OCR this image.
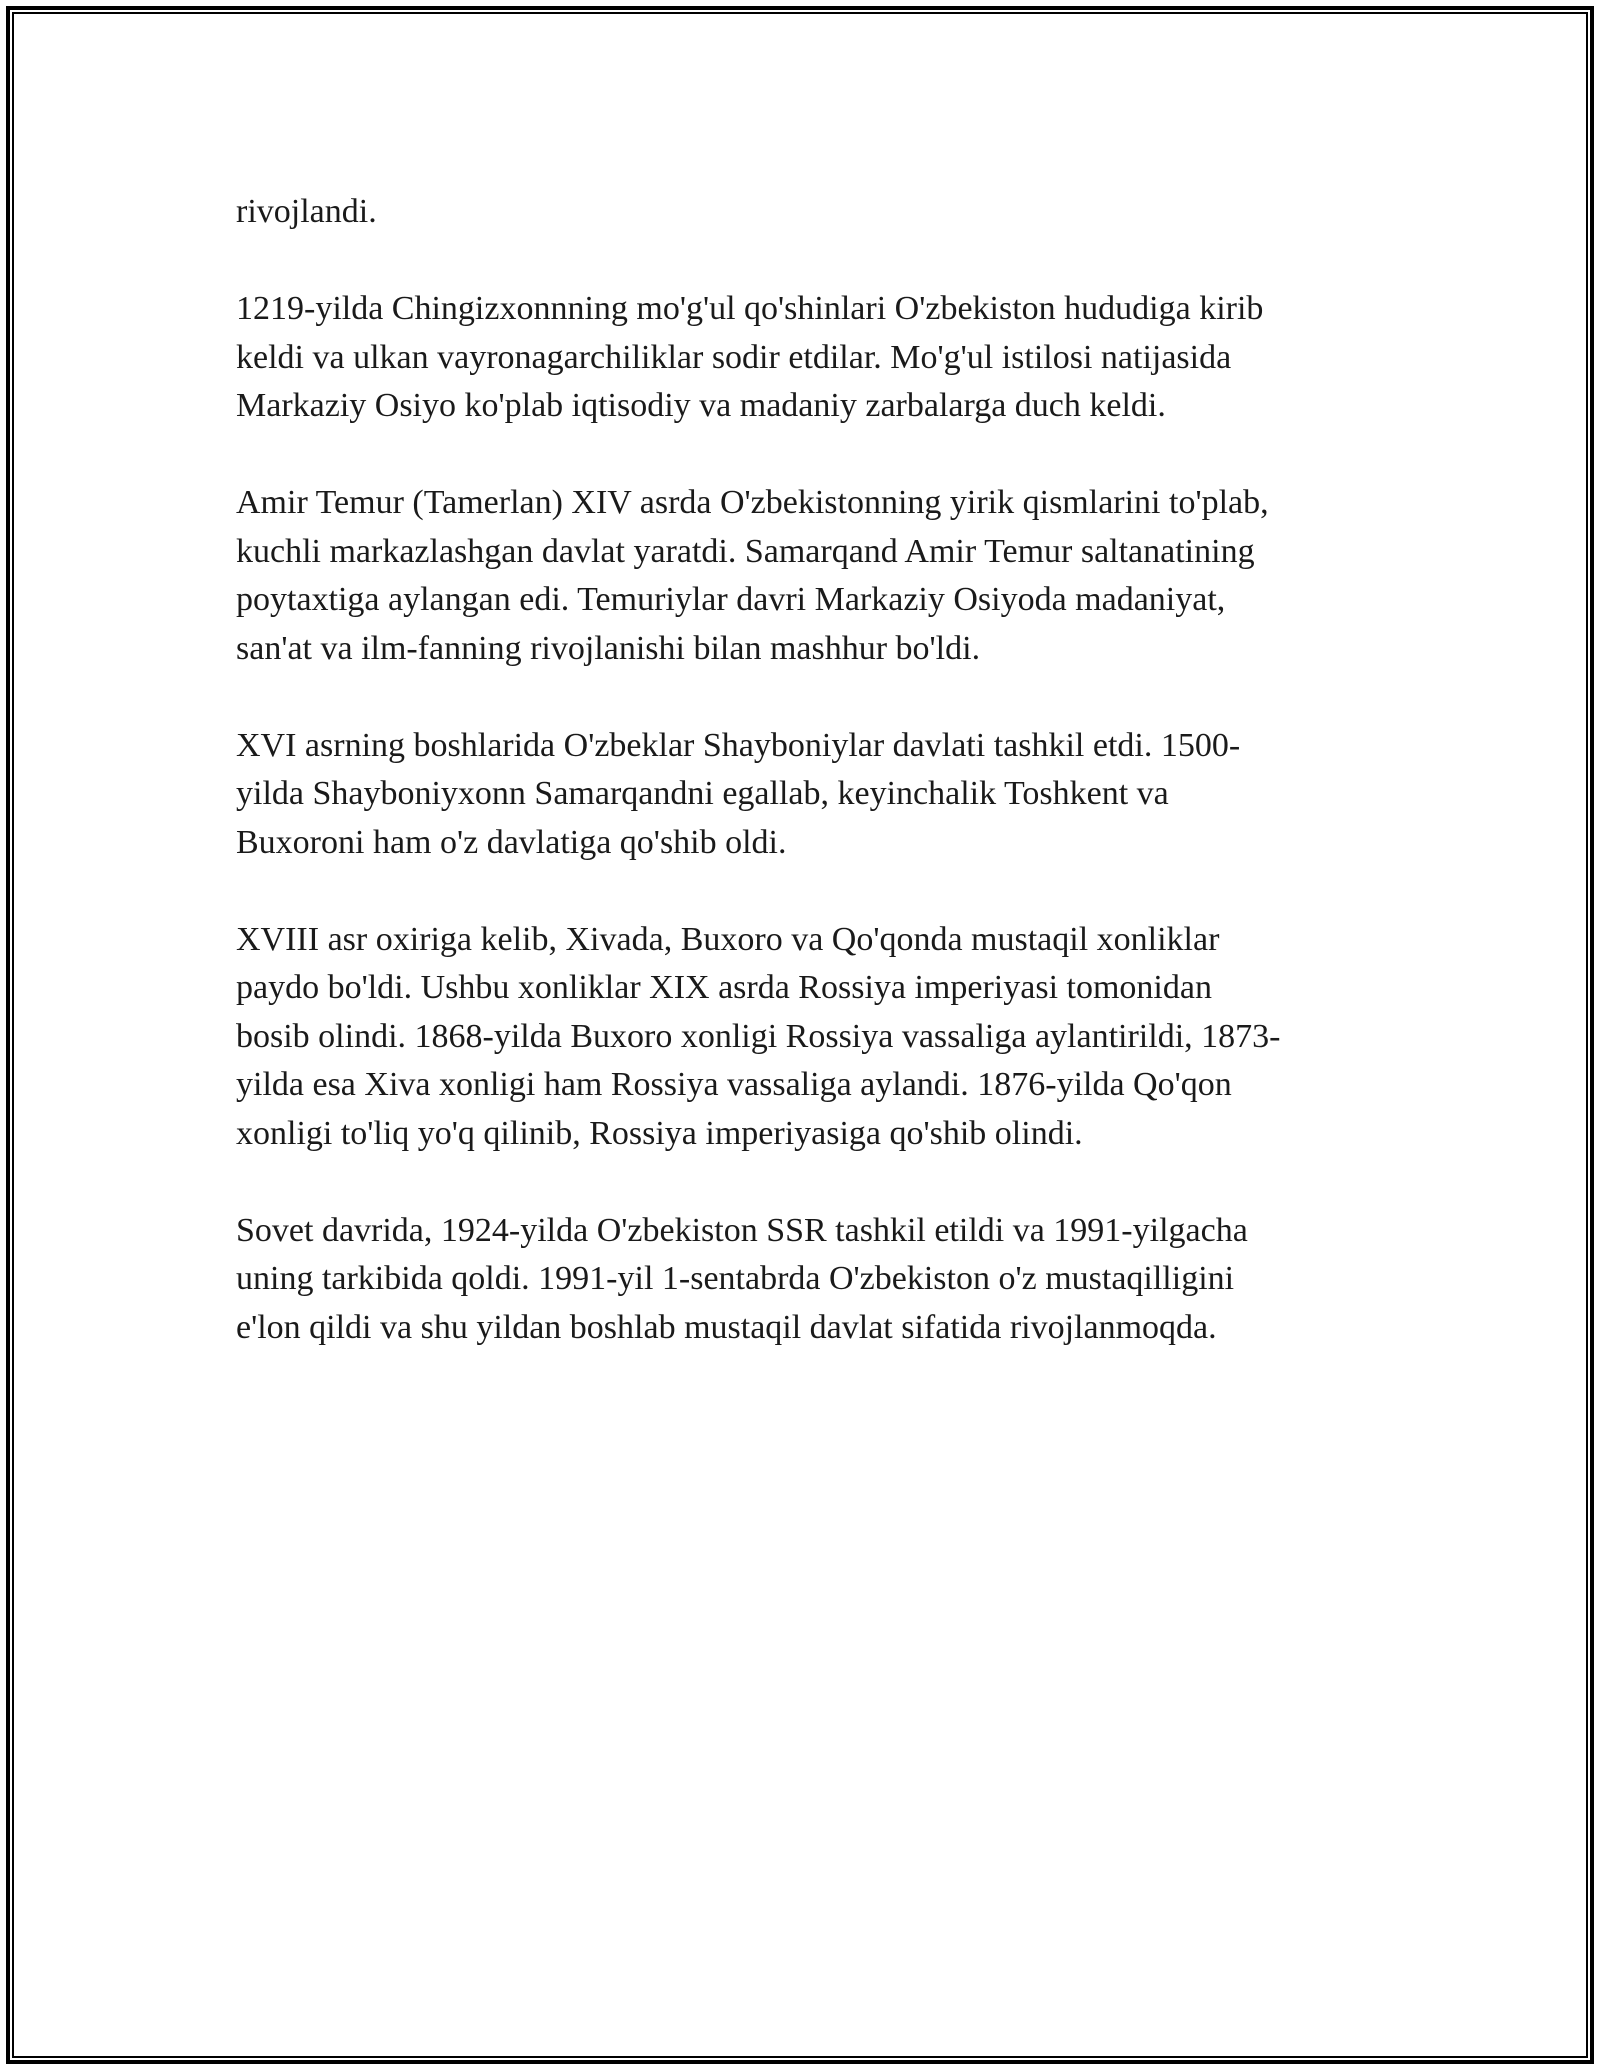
rivojlandi.

1219-yilda Chingizxonnning mo'g'ul qo'shinlari O'zbekiston hududiga kirib
keldi va ulkan vayronagarchiliklar sodir etdilar. Mo'g'ul istilosi natijasida
Markaziy Osiyo ko'plab iqtisodiy va madaniy zarbalarga duch keldi.

Amir Temur (Tamerlan) XIV asrda O'zbekistonning yirik qismlarini to'plab,
kuchli markazlashgan davlat yaratdi. Samarqand Amir Temur saltanatining
poytaxtiga aylangan edi. Temuriylar davri Markaziy Osiyoda madaniyat,
san'at va ilm-fanning rivojlanishi bilan mashhur bo'ldi.

XVI asrning boshlarida O'zbeklar Shayboniylar davlati tashkil etdi. 1500-
yilda Shayboniyxonn Samarqandni egallab, keyinchalik Toshkent va
Buxoroni ham o'z davlatiga qo'shib oldi.

XVIII asr oxiriga kelib, Xivada, Buxoro va Qo'qonda mustaqil xonliklar
paydo bo'ldi. Ushbu xonliklar XIX asrda Rossiya imperiyasi tomonidan
bosib olindi. 1868-yilda Buxoro xonligi Rossiya vassaliga aylantirildi, 1873-
yilda esa Xiva xonligi ham Rossiya vassaliga aylandi. 1876-yilda Qo'qon
xonligi to'liq yo'q qilinib, Rossiya imperiyasiga qo'shib olindi.

Sovet davrida, 1924-yilda O'zbekiston SSR tashkil etildi va 1991-yilgacha
uning tarkibida qoldi. 1991-yil 1-sentabrda O'zbekiston o'z mustaqilligini
e'lon qildi va shu yildan boshlab mustaqil davlat sifatida rivojlanmoqda.
